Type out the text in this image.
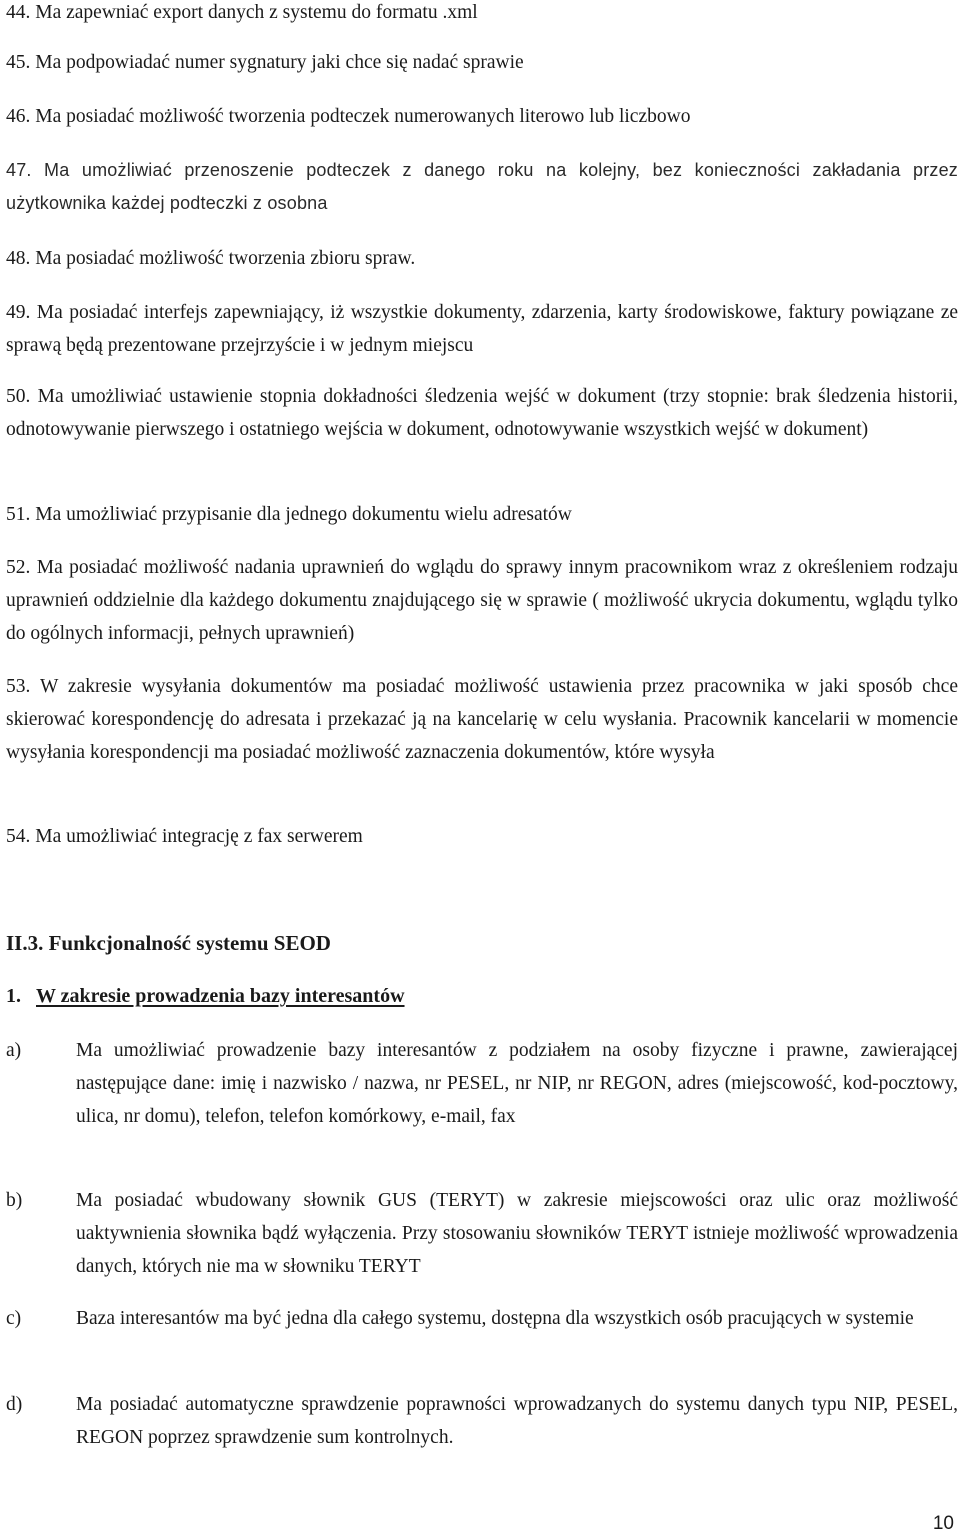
44. Ma zapewniać export danych z systemu do formatu .xml
45. Ma podpowiadać numer sygnatury jaki chce się nadać sprawie
46. Ma posiadać możliwość tworzenia podteczek numerowanych literowo lub liczbowo
47. Ma umożliwiać przenoszenie podteczek z danego roku na kolejny, bez konieczności zakładania przez użytkownika każdej podteczki z osobna
48. Ma posiadać możliwość tworzenia zbioru spraw.
49. Ma posiadać interfejs zapewniający, iż wszystkie dokumenty, zdarzenia, karty środowiskowe, faktury powiązane ze sprawą będą prezentowane przejrzyście i w jednym miejscu
50. Ma umożliwiać ustawienie stopnia dokładności śledzenia wejść w dokument (trzy stopnie: brak śledzenia historii, odnotowywanie pierwszego i ostatniego wejścia w dokument, odnotowywanie wszystkich wejść w dokument)
51. Ma umożliwiać przypisanie dla jednego dokumentu wielu adresatów
52. Ma posiadać możliwość nadania uprawnień do wglądu do sprawy innym pracownikom wraz z określeniem rodzaju uprawnień oddzielnie dla każdego dokumentu znajdującego się w sprawie ( możliwość ukrycia dokumentu, wglądu tylko do ogólnych informacji, pełnych uprawnień)
53. W zakresie wysyłania dokumentów ma posiadać możliwość ustawienia przez pracownika w jaki sposób chce skierować korespondencję do adresata i przekazać ją na kancelarię w celu wysłania. Pracownik kancelarii w momencie wysyłania korespondencji ma posiadać możliwość zaznaczenia dokumentów, które wysyła
54. Ma umożliwiać integrację z fax serwerem
II.3. Funkcjonalność systemu SEOD
1. W zakresie prowadzenia bazy interesantów
a)	Ma umożliwiać prowadzenie bazy interesantów z podziałem na osoby fizyczne i prawne, zawierającej następujące dane: imię i nazwisko / nazwa, nr PESEL, nr NIP, nr REGON, adres (miejscowość, kod-pocztowy, ulica, nr domu), telefon, telefon komórkowy, e-mail, fax
b)	Ma posiadać wbudowany słownik GUS (TERYT) w zakresie miejscowości oraz ulic oraz możliwość uaktywnienia słownika bądź wyłączenia. Przy stosowaniu słowników TERYT istnieje możliwość wprowadzenia danych, których nie ma w słowniku TERYT
c)	Baza interesantów ma być jedna dla całego systemu, dostępna dla wszystkich osób pracujących w systemie
d)	Ma posiadać automatyczne sprawdzenie poprawności wprowadzanych do systemu danych typu NIP, PESEL, REGON poprzez sprawdzenie sum kontrolnych.
10
